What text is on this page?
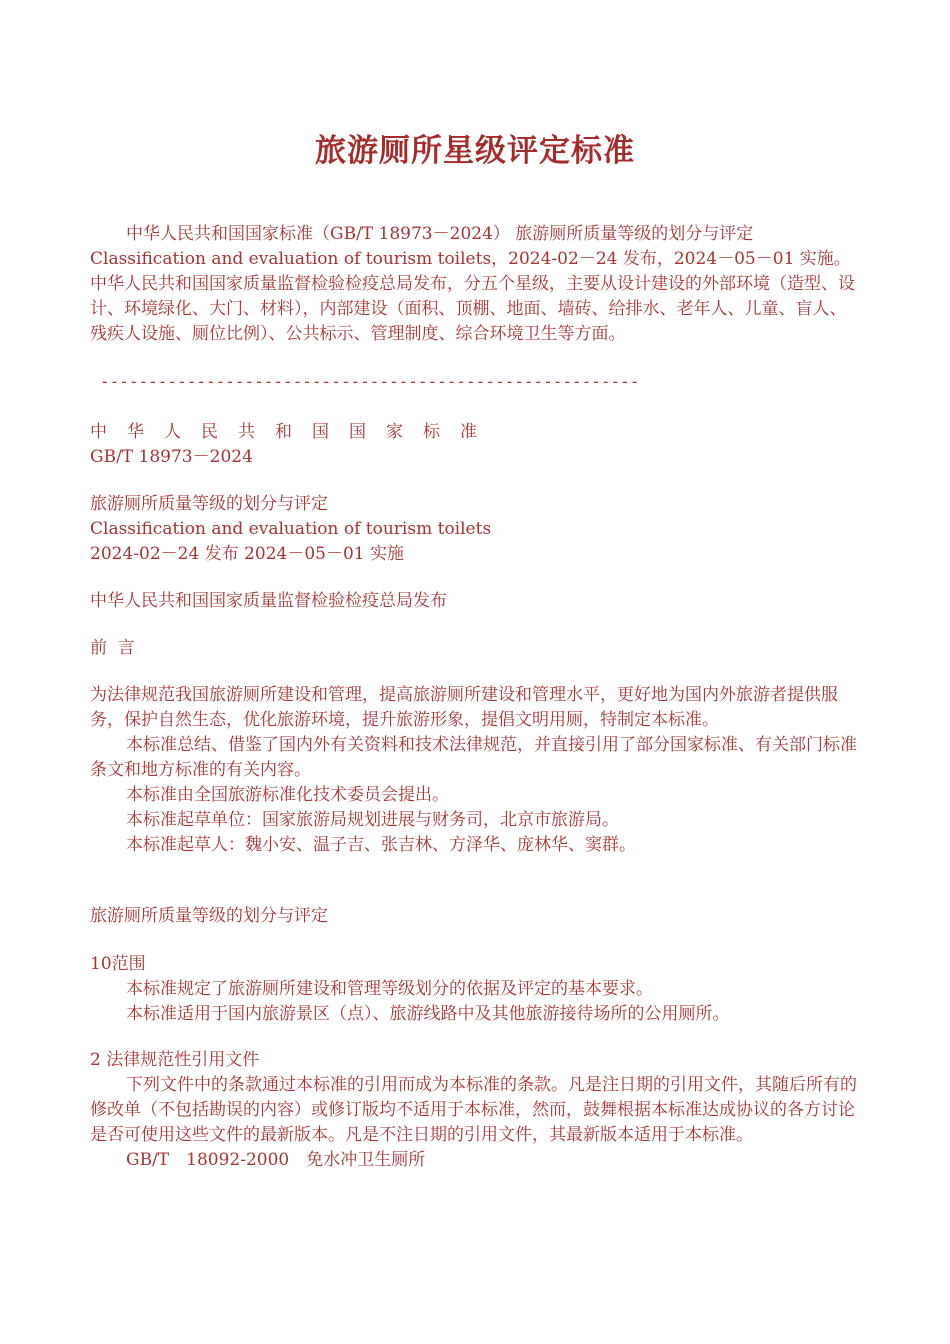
旅游厕所星级评定标准

中华人民共和国国家标准（GB/T 18973－2024） 旅游厕所质量等级的划分与评定 Classification and evaluation of tourism toilets，2024-02－24 发布，2024－05－01 实施。中华人民共和国国家质量监督检验检疫总局发布，分五个星级，主要从设计建设的外部环境（造型、设计、环境绿化、大门、材料），内部建设（面积、顶棚、地面、墙砖、给排水、老年人、儿童、盲人、残疾人设施、厕位比例）、公共标示、管理制度、综合环境卫生等方面。

--------------------------------------------------------

中华人民共和国国家标准

GB/T 18973－2024

旅游厕所质量等级的划分与评定

Classification and evaluation of tourism toilets

2024-02－24 发布 2024－05－01 实施

中华人民共和国国家质量监督检验检疫总局发布

前  言

为法律规范我国旅游厕所建设和管理，提高旅游厕所建设和管理水平，更好地为国内外旅游者提供服务，保护自然生态，优化旅游环境，提升旅游形象，提倡文明用厕，特制定本标准。

本标准总结、借鉴了国内外有关资料和技术法律规范，并直接引用了部分国家标准、有关部门标准条文和地方标准的有关内容。

本标准由全国旅游标准化技术委员会提出。

本标准起草单位：国家旅游局规划进展与财务司，北京市旅游局。

本标准起草人：魏小安、温子吉、张吉林、方泽华、庞林华、窦群。

旅游厕所质量等级的划分与评定

10范围

本标准规定了旅游厕所建设和管理等级划分的依据及评定的基本要求。

本标准适用于国内旅游景区（点）、旅游线路中及其他旅游接待场所的公用厕所。

2 法律规范性引用文件

下列文件中的条款通过本标准的引用而成为本标准的条款。凡是注日期的引用文件，其随后所有的修改单（不包括勘误的内容）或修订版均不适用于本标准，然而，鼓舞根据本标准达成协议的各方讨论是否可使用这些文件的最新版本。凡是不注日期的引用文件，其最新版本适用于本标准。

GB/T　18092-2000　免水冲卫生厕所
